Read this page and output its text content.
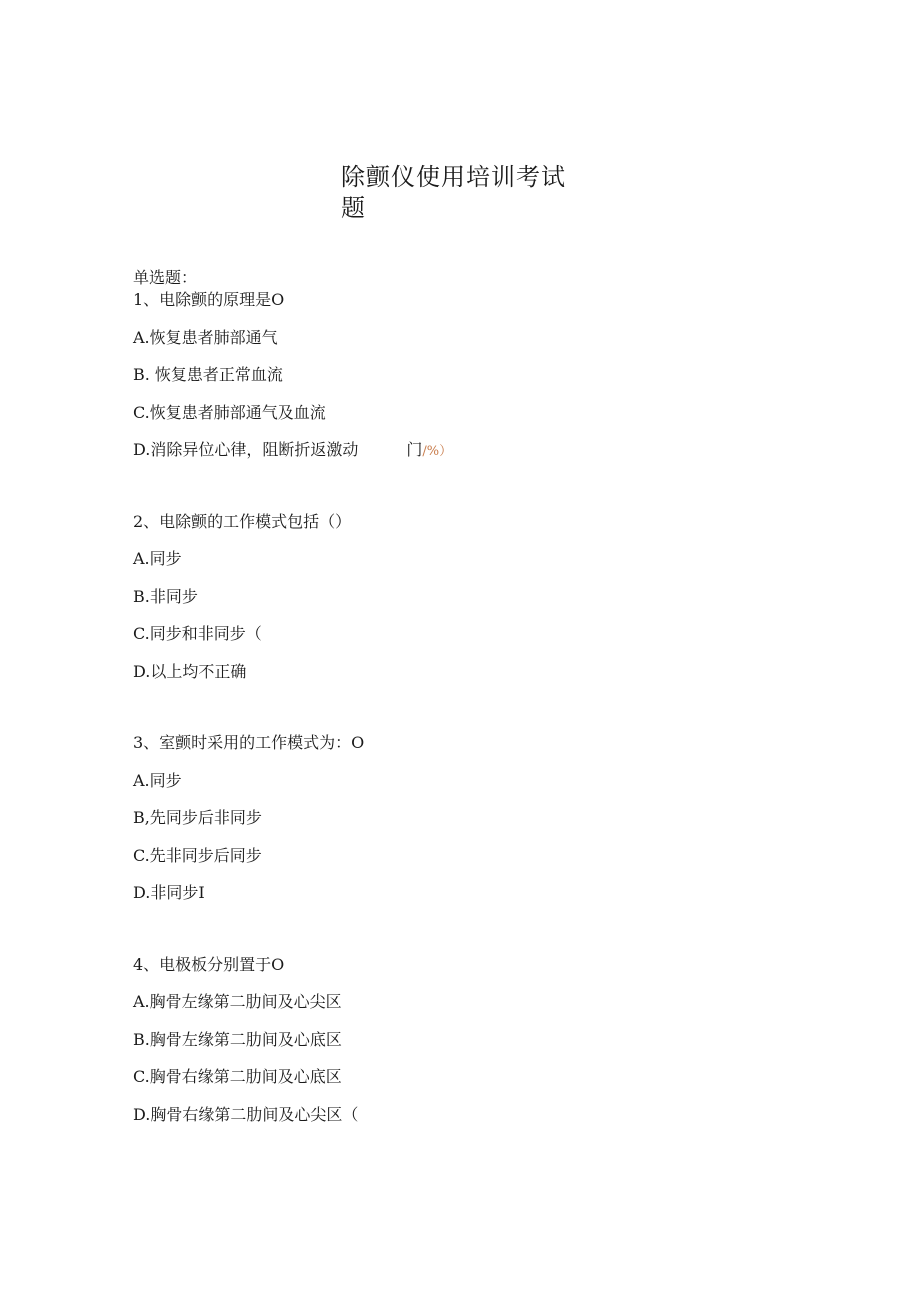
除颤仪使用培训考试
题
单选题：
1、电除颤的原理是O
A.恢复患者肺部通气
B. 恢复患者正常血流
C.恢复患者肺部通气及血流
D.消除异位心律，阻断折返激动	门/%）
2、电除颤的工作模式包括（）
A.同步
B.非同步
C.同步和非同步（
D.以上均不正确
3、室颤时采用的工作模式为：O
A.同步
B,先同步后非同步
C.先非同步后同步
D.非同步I
4、电极板分别置于O
A.胸骨左缘第二肋间及心尖区
B.胸骨左缘第二肋间及心底区
C.胸骨右缘第二肋间及心底区
D.胸骨右缘第二肋间及心尖区（
